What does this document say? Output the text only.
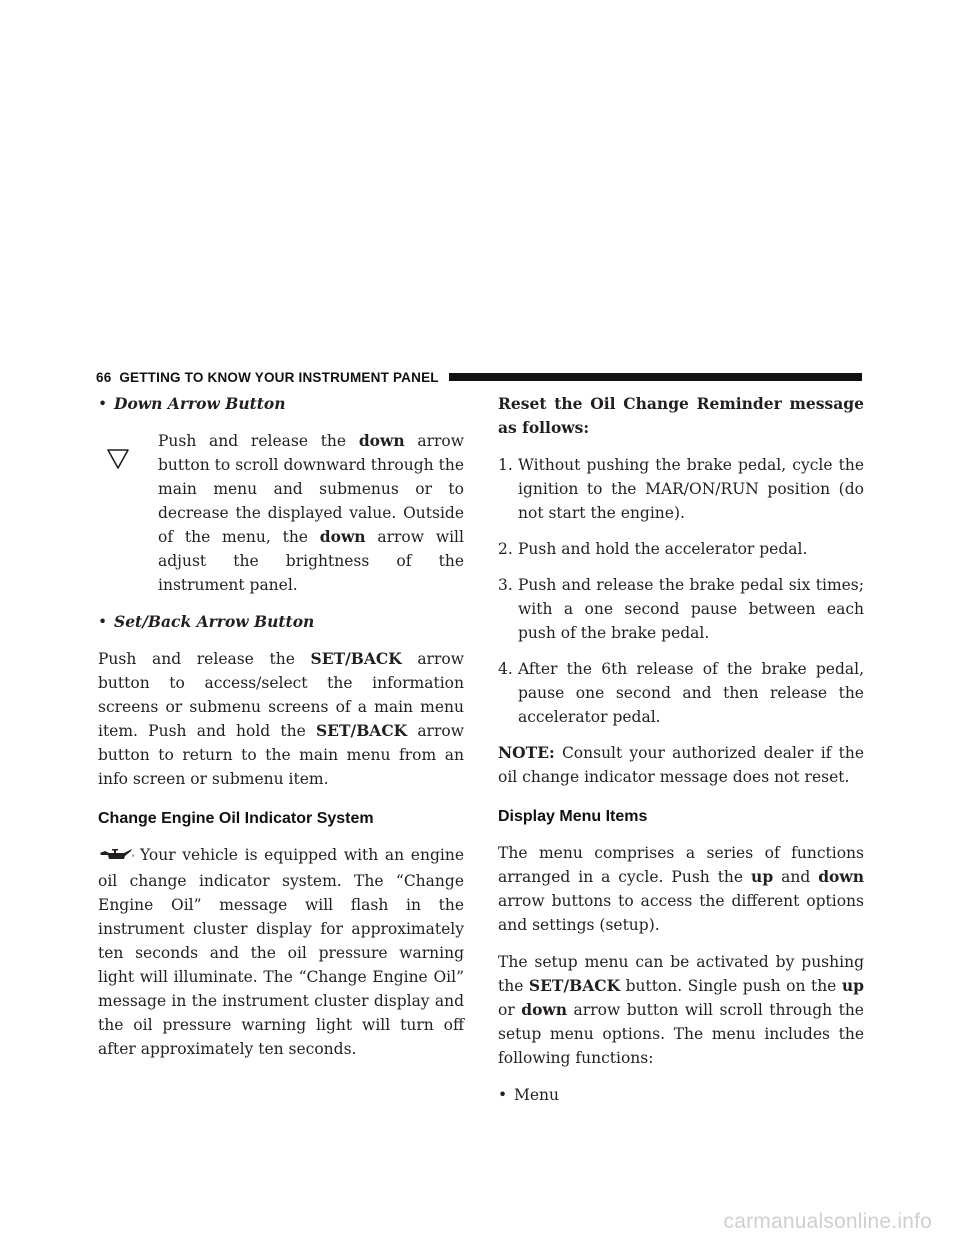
66 GETTING TO KNOW YOUR INSTRUMENT PANEL
• Down Arrow Button
Push and release the down arrow button to scroll downward through the main menu and submenus or to decrease the displayed value. Outside of the menu, the down arrow will adjust the brightness of the instrument panel.
• Set/Back Arrow Button

Push and release the SET/BACK arrow button to access/select the information screens or submenu screens of a main menu item. Push and hold the SET/BACK arrow button to return to the main menu from an info screen or submenu item.

Change Engine Oil Indicator System

Your vehicle is equipped with an engine oil change indicator system. The “Change Engine Oil” message will flash in the instrument cluster display for approximately ten seconds and the oil pressure warning light will illuminate. The “Change Engine Oil” message in the instrument cluster display and the oil pressure warning light will turn off after approximately ten seconds.

Reset the Oil Change Reminder message as follows:

1. Without pushing the brake pedal, cycle the ignition to the MAR/ON/RUN position (do not start the engine).
2. Push and hold the accelerator pedal.
3. Push and release the brake pedal six times; with a one second pause between each push of the brake pedal.
4. After the 6th release of the brake pedal, pause one second and then release the accelerator pedal.

NOTE: Consult your authorized dealer if the oil change indicator message does not reset.

Display Menu Items

The menu comprises a series of functions arranged in a cycle. Push the up and down arrow buttons to access the different options and settings (setup).

The setup menu can be activated by pushing the SET/BACK button. Single push on the up or down arrow button will scroll through the setup menu options. The menu includes the following functions:

• Menu
carmanualsonline.info
